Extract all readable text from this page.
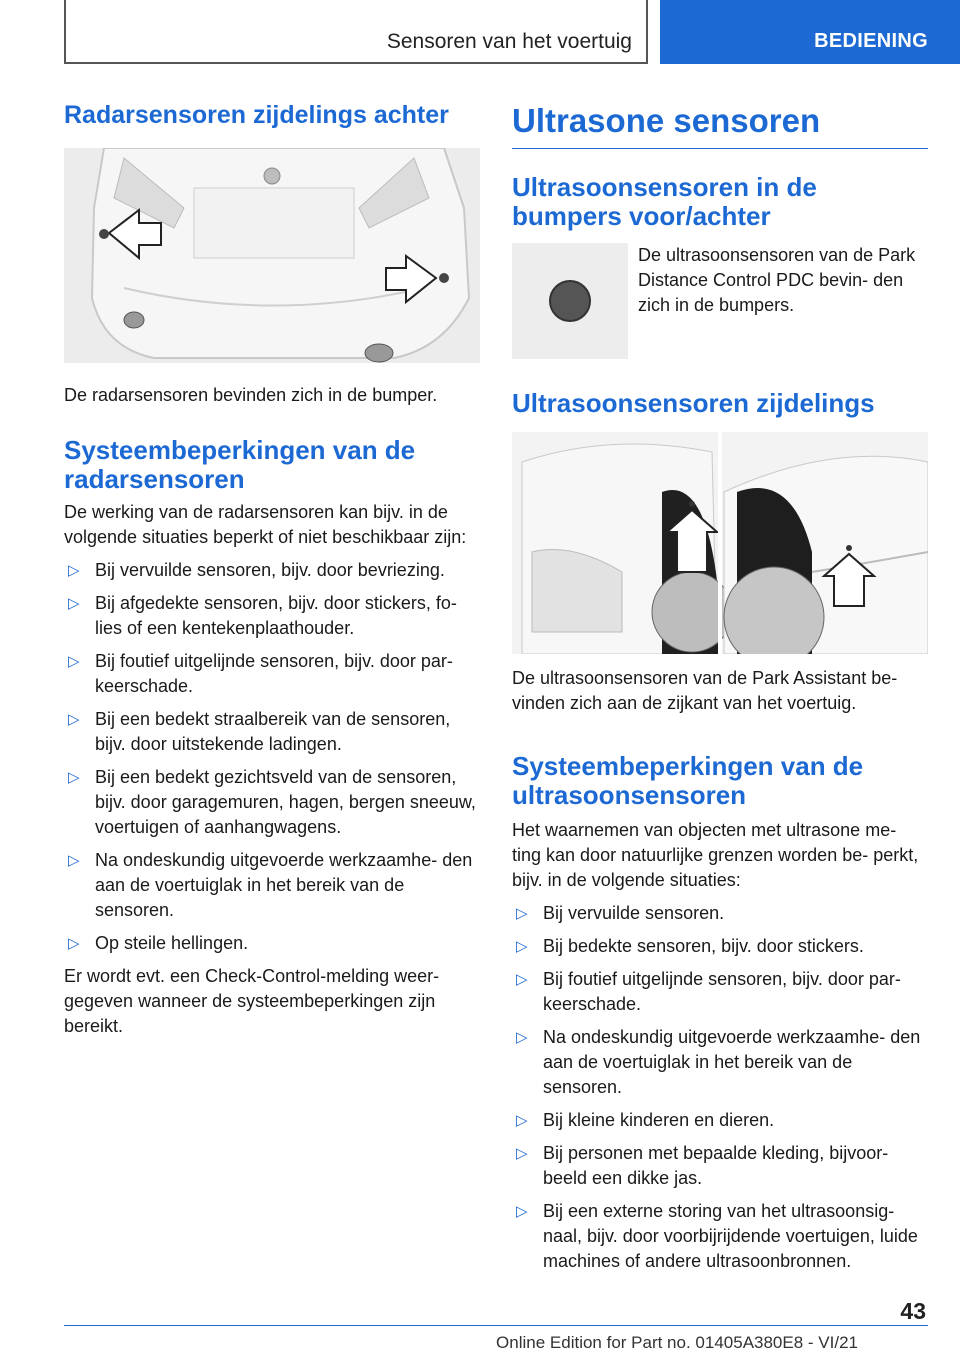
Sensoren van het voertuig	BEDIENING
Radarsensoren zijdelings achter

De radarsensoren bevinden zich in de bumper.

Systeembeperkingen van de radarsensoren

De werking van de radarsensoren kan bijv. in de volgende situaties beperkt of niet beschikbaar zijn:

▷ Bij vervuilde sensoren, bijv. door bevriezing.
▷ Bij afgedekte sensoren, bijv. door stickers, fo‐ lies of een kentekenplaathouder.
▷ Bij foutief uitgelijnde sensoren, bijv. door par‐ keerschade.
▷ Bij een bedekt straalbereik van de sensoren, bijv. door uitstekende ladingen.
▷ Bij een bedekt gezichtsveld van de sensoren, bijv. door garagemuren, hagen, bergen sneeuw, voertuigen of aanhangwagens.
▷ Na ondeskundig uitgevoerde werkzaamhe‐ den aan de voertuiglak in het bereik van de sensoren.
▷ Op steile hellingen.

Er wordt evt. een Check-Control-melding weer‐ gegeven wanneer de systeembeperkingen zijn bereikt.

Ultrasone sensoren
Ultrasoonsensoren in de bumpers voor/achter

De ultrasoonsensoren van de Park Distance Control PDC bevin‐ den zich in de bumpers.

Ultrasoonsensoren zijdelings

De ultrasoonsensoren van de Park Assistant be‐ vinden zich aan de zijkant van het voertuig.

Systeembeperkingen van de ultrasoonsensoren

Het waarnemen van objecten met ultrasone me‐ ting kan door natuurlijke grenzen worden be‐ perkt, bijv. in de volgende situaties:

▷ Bij vervuilde sensoren.
▷ Bij bedekte sensoren, bijv. door stickers.
▷ Bij foutief uitgelijnde sensoren, bijv. door par‐ keerschade.
▷ Na ondeskundig uitgevoerde werkzaamhe‐ den aan de voertuiglak in het bereik van de sensoren.
▷ Bij kleine kinderen en dieren.
▷ Bij personen met bepaalde kleding, bijvoor‐ beeld een dikke jas.
▷ Bij een externe storing van het ultrasoonsig‐ naal, bijv. door voorbijrijdende voertuigen, luide machines of andere ultrasoonbronnen.
43
Online Edition for Part no. 01405A380E8 - VI/21
